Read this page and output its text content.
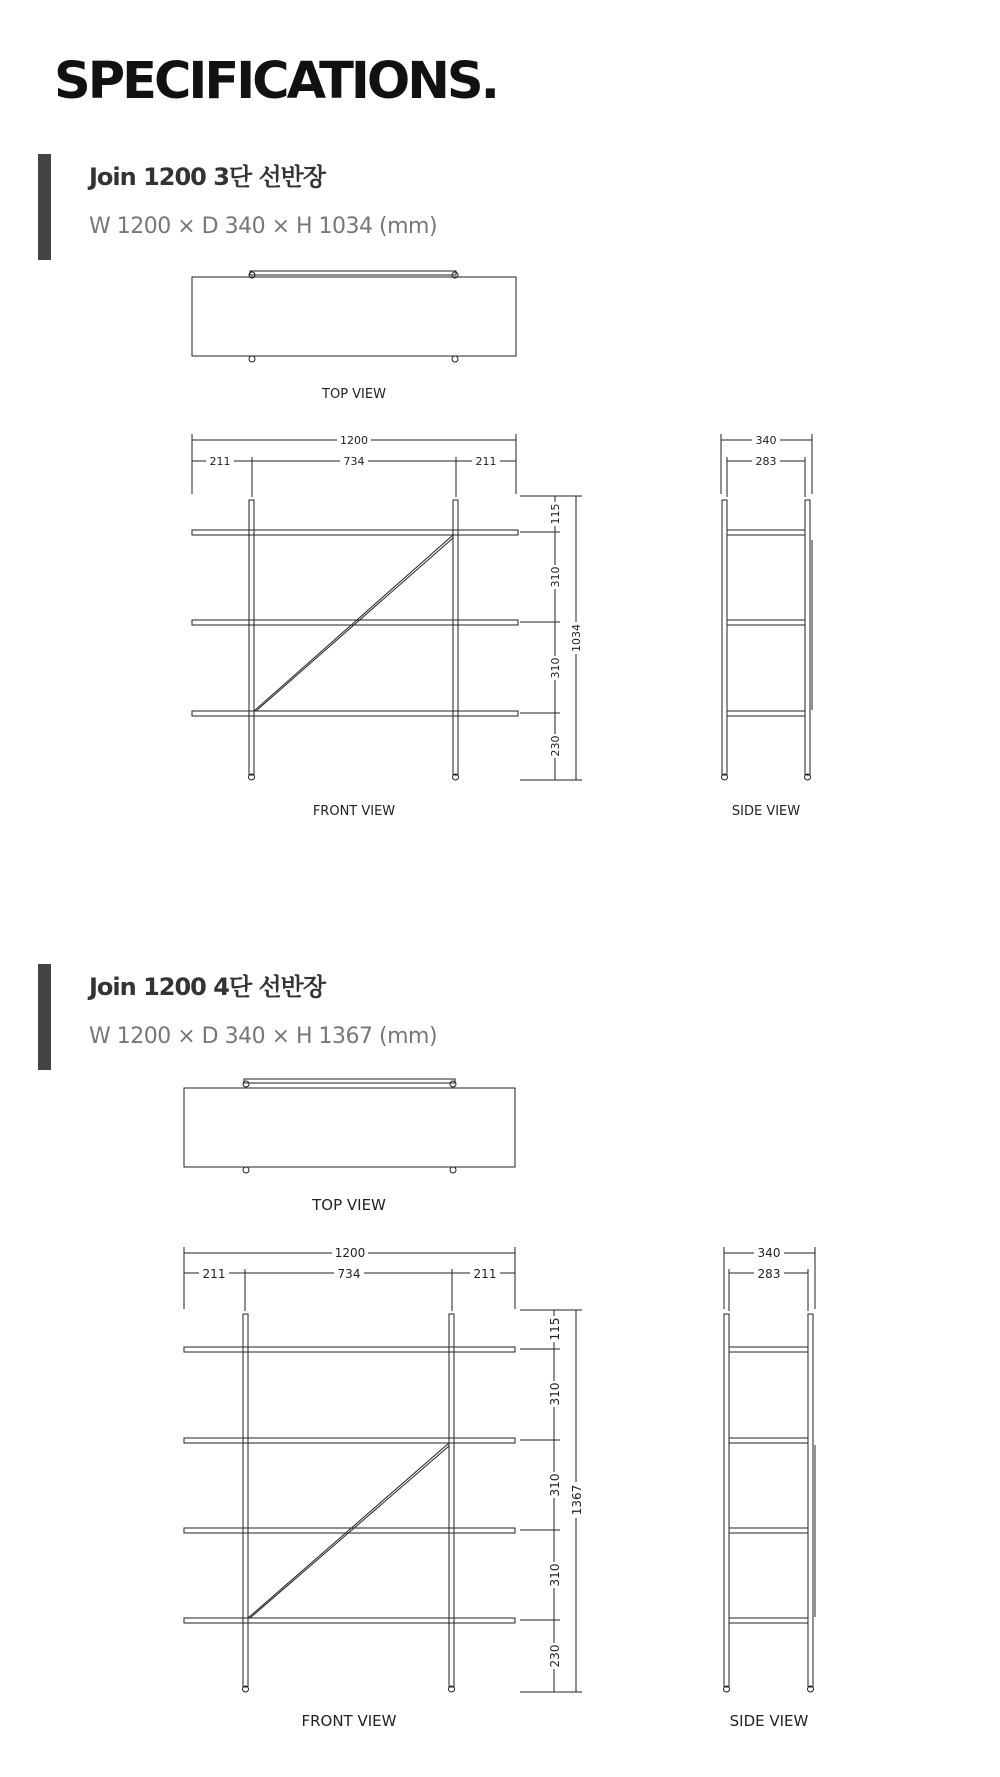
SPECIFICATIONS.
Join 1200 3단 선반장

W 1200 × D 340 × H 1034 (mm)

1200
211	734	211
115
310
310
230
1034
340
283
TOP VIEW
FRONT VIEW	SIDE VIEW
Join 1200 4단 선반장

W 1200 × D 340 × H 1367 (mm)

1200
211	734	211
115
310
310
310
230
1367
340
283
TOP VIEW
FRONT VIEW	SIDE VIEW
